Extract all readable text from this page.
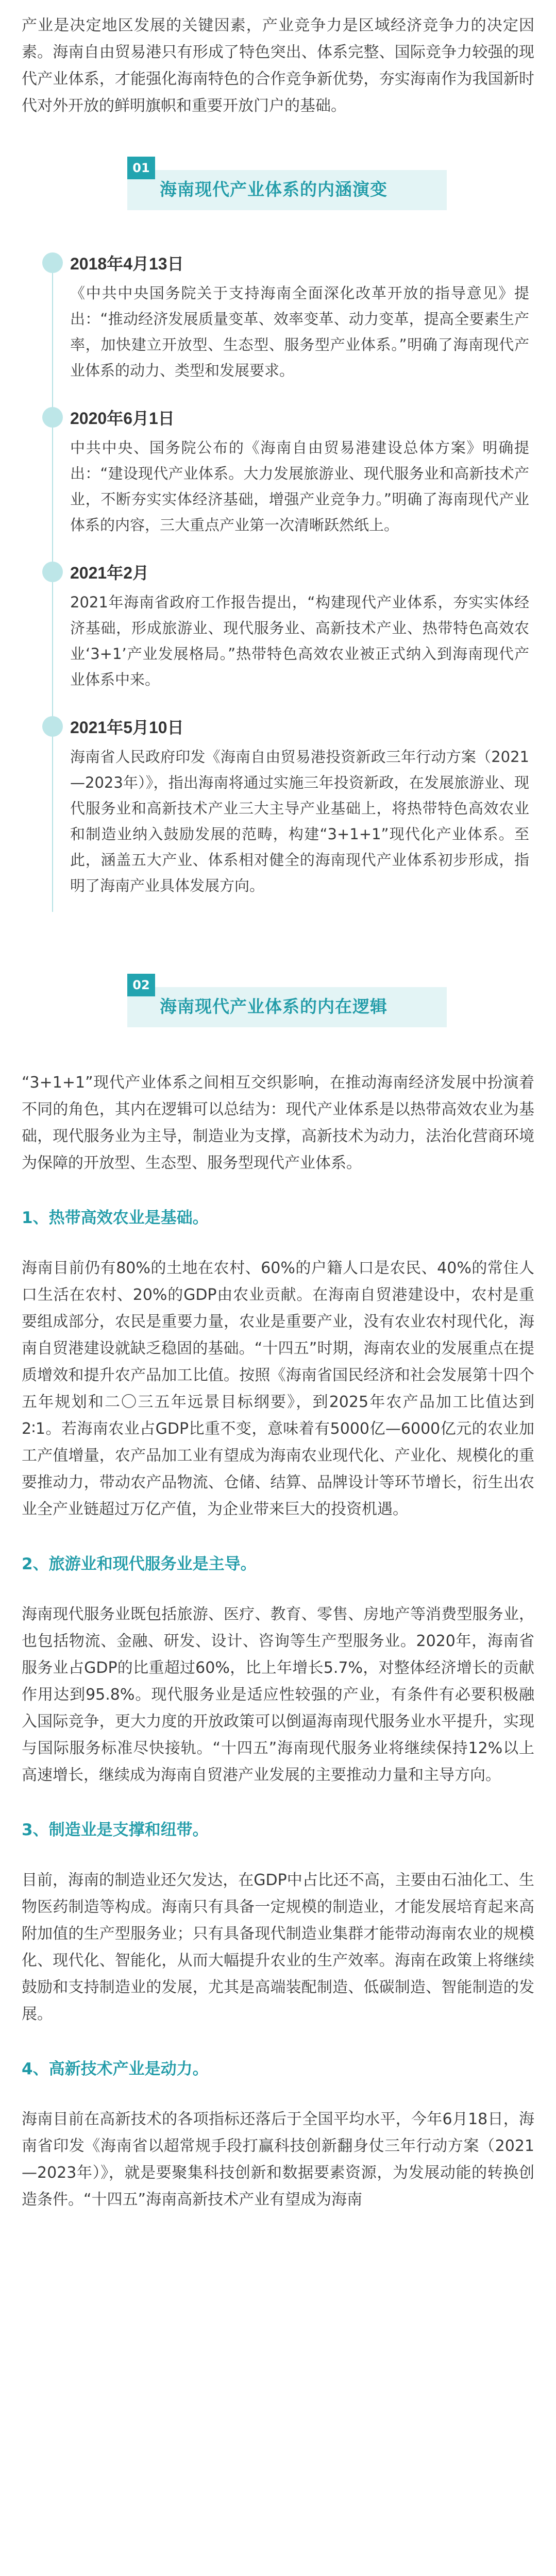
产业是决定地区发展的关键因素，产业竞争力是区域经济竞争力的决定因素。海南自由贸易港只有形成了特色突出、体系完整、国际竞争力较强的现代产业体系，才能强化海南特色的合作竞争新优势，夯实海南作为我国新时代对外开放的鲜明旗帜和重要开放门户的基础。

01
海南现代产业体系的内涵演变
2018年4月13日
《中共中央国务院关于支持海南全面深化改革开放的指导意见》提出：“推动经济发展质量变革、效率变革、动力变革，提高全要素生产率，加快建立开放型、生态型、服务型产业体系。”明确了海南现代产业体系的动力、类型和发展要求。
2020年6月1日
中共中央、国务院公布的《海南自由贸易港建设总体方案》明确提出：“建设现代产业体系。大力发展旅游业、现代服务业和高新技术产业，不断夯实实体经济基础，增强产业竞争力。”明确了海南现代产业体系的内容，三大重点产业第一次清晰跃然纸上。
2021年2月
2021年海南省政府工作报告提出，“构建现代产业体系，夯实实体经济基础，形成旅游业、现代服务业、高新技术产业、热带特色高效农业‘3+1’产业发展格局。”热带特色高效农业被正式纳入到海南现代产业体系中来。
2021年5月10日
海南省人民政府印发《海南自由贸易港投资新政三年行动方案（2021—2023年）》，指出海南将通过实施三年投资新政，在发展旅游业、现代服务业和高新技术产业三大主导产业基础上，将热带特色高效农业和制造业纳入鼓励发展的范畴，构建“3+1+1”现代化产业体系。至此，涵盖五大产业、体系相对健全的海南现代产业体系初步形成，指明了海南产业具体发展方向。
02
海南现代产业体系的内在逻辑

“3+1+1”现代产业体系之间相互交织影响，在推动海南经济发展中扮演着不同的角色，其内在逻辑可以总结为：现代产业体系是以热带高效农业为基础，现代服务业为主导，制造业为支撑，高新技术为动力，法治化营商环境为保障的开放型、生态型、服务型现代产业体系。

1、热带高效农业是基础。

海南目前仍有80%的土地在农村、60%的户籍人口是农民、40%的常住人口生活在农村、20%的GDP由农业贡献。在海南自贸港建设中，农村是重要组成部分，农民是重要力量，农业是重要产业，没有农业农村现代化，海南自贸港建设就缺乏稳固的基础。“十四五”时期，海南农业的发展重点在提质增效和提升农产品加工比值。按照《海南省国民经济和社会发展第十四个五年规划和二〇三五年远景目标纲要》，到2025年农产品加工比值达到2∶1。若海南农业占GDP比重不变，意味着有5000亿—6000亿元的农业加工产值增量，农产品加工业有望成为海南农业现代化、产业化、规模化的重要推动力，带动农产品物流、仓储、结算、品牌设计等环节增长，衍生出农业全产业链超过万亿产值，为企业带来巨大的投资机遇。

2、旅游业和现代服务业是主导。

海南现代服务业既包括旅游、医疗、教育、零售、房地产等消费型服务业，也包括物流、金融、研发、设计、咨询等生产型服务业。2020年，海南省服务业占GDP的比重超过60%，比上年增长5.7%，对整体经济增长的贡献作用达到95.8%。现代服务业是适应性较强的产业，有条件有必要积极融入国际竞争，更大力度的开放政策可以倒逼海南现代服务业水平提升，实现与国际服务标准尽快接轨。“十四五”海南现代服务业将继续保持12%以上高速增长，继续成为海南自贸港产业发展的主要推动力量和主导方向。

3、制造业是支撑和纽带。

目前，海南的制造业还欠发达，在GDP中占比还不高，主要由石油化工、生物医药制造等构成。海南只有具备一定规模的制造业，才能发展培育起来高附加值的生产型服务业；只有具备现代制造业集群才能带动海南农业的规模化、现代化、智能化，从而大幅提升农业的生产效率。海南在政策上将继续鼓励和支持制造业的发展，尤其是高端装配制造、低碳制造、智能制造的发展。

4、高新技术产业是动力。

海南目前在高新技术的各项指标还落后于全国平均水平，今年6月18日，海南省印发《海南省以超常规手段打赢科技创新翻身仗三年行动方案（2021—2023年）》，就是要聚集科技创新和数据要素资源，为发展动能的转换创造条件。“十四五”海南高新技术产业有望成为海南
